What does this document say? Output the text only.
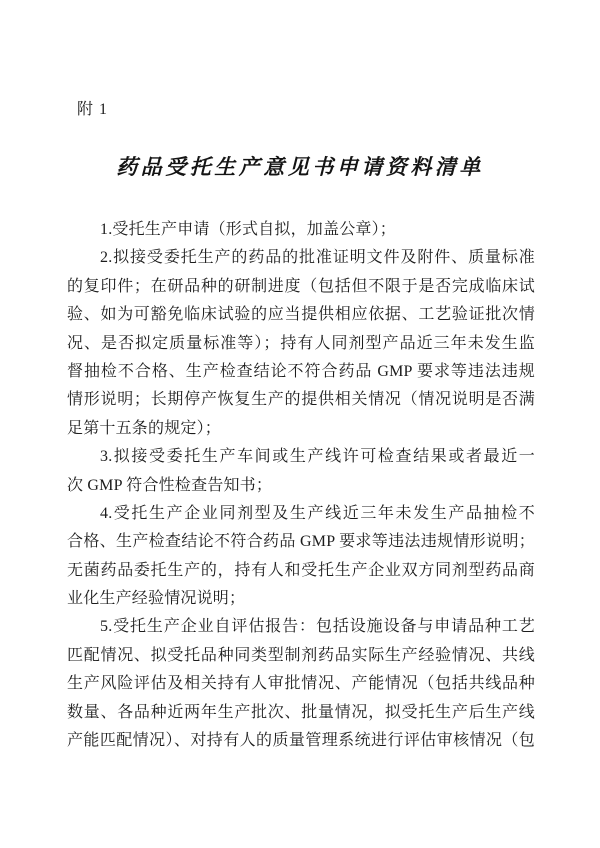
附 1
药品受托生产意见书申请资料清单
1.受托生产申请（形式自拟，加盖公章）；
2.拟接受委托生产的药品的批准证明文件及附件、质量标准
的复印件；在研品种的研制进度（包括但不限于是否完成临床试
验、如为可豁免临床试验的应当提供相应依据、工艺验证批次情
况、是否拟定质量标准等）；持有人同剂型产品近三年未发生监
督抽检不合格、生产检查结论不符合药品 GMP 要求等违法违规
情形说明；长期停产恢复生产的提供相关情况（情况说明是否满
足第十五条的规定）；
3.拟接受委托生产车间或生产线许可检查结果或者最近一
次 GMP 符合性检查告知书；
4.受托生产企业同剂型及生产线近三年未发生产品抽检不
合格、生产检查结论不符合药品 GMP 要求等违法违规情形说明；
无菌药品委托生产的，持有人和受托生产企业双方同剂型药品商
业化生产经验情况说明；
5.受托生产企业自评估报告：包括设施设备与申请品种工艺
匹配情况、拟受托品种同类型制剂药品实际生产经验情况、共线
生产风险评估及相关持有人审批情况、产能情况（包括共线品种
数量、各品种近两年生产批次、批量情况，拟受托生产后生产线
产能匹配情况）、对持有人的质量管理系统进行评估审核情况（包
